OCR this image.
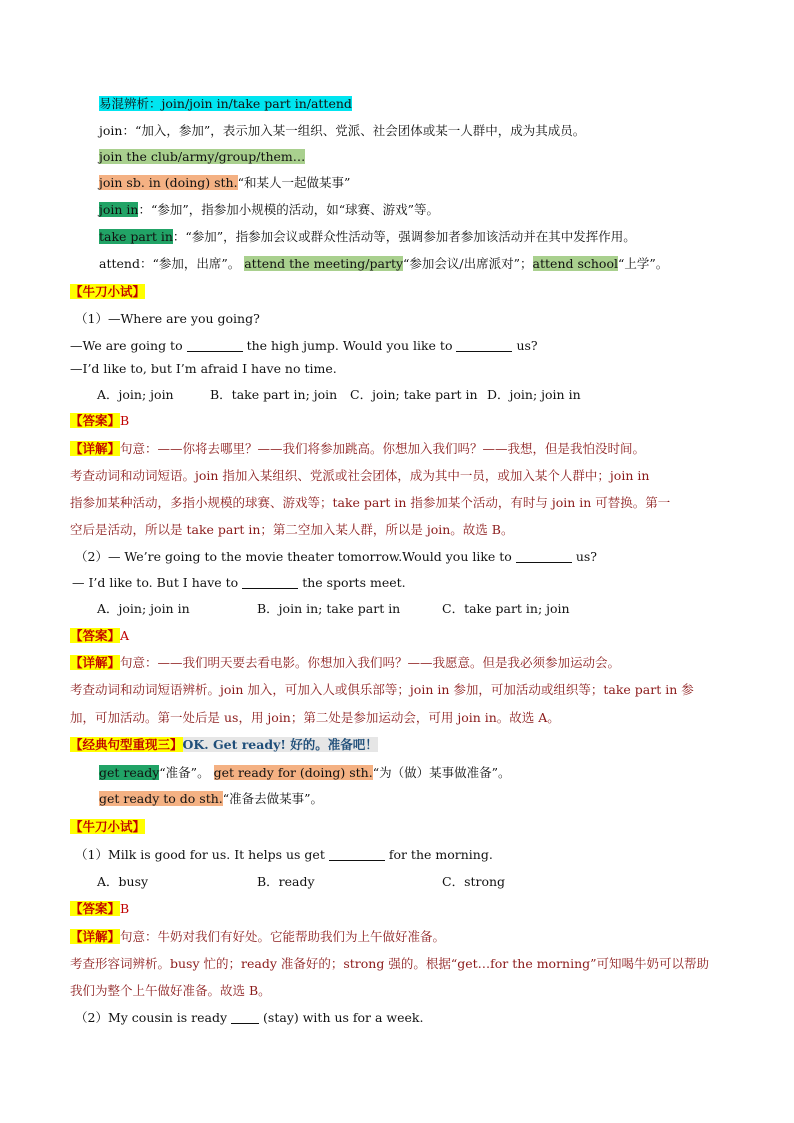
易混辨析：join/join in/take part in/attend
join：“加入，参加”，表示加入某一组织、党派、社会团体或某一人群中，成为其成员。
join the club/army/group/them…
join sb. in (doing) sth.“和某人一起做某事”
join in：“参加”，指参加小规模的活动，如“球赛、游戏”等。
take part in：“参加”，指参加会议或群众性活动等，强调参加者参加该活动并在其中发挥作用。
attend：“参加，出席”。 attend the meeting/party“参加会议/出席派对”；attend school“上学”。
【牛刀小试】
（1）—Where are you going?
—We are going to	the high jump. Would you like to	us?
—I’d like to, but I’m afraid I have no time.
A．join; join	B．take part in; join C．join; take part in D．join; join in
【答案】B
【详解】句意：——你将去哪里？——我们将参加跳高。你想加入我们吗？——我想，但是我怕没时间。
考查动词和动词短语。join 指加入某组织、党派或社会团体，成为其中一员，或加入某个人群中；join in
指参加某种活动，多指小规模的球赛、游戏等；take part in 指参加某个活动，有时与 join in 可替换。第一
空后是活动，所以是 take part in；第二空加入某人群，所以是 join。故选 B。
（2）— We’re going to the movie theater tomorrow.Would you like to	us?
— I’d like to. But I have to	the sports meet.
A．join; join in	B．join in; take part in	C．take part in; join
【答案】A
【详解】句意：——我们明天要去看电影。你想加入我们吗？——我愿意。但是我必须参加运动会。
考查动词和动词短语辨析。join 加入，可加入人或俱乐部等；join in 参加，可加活动或组织等；take part in 参
加，可加活动。第一处后是 us，用 join；第二处是参加运动会，可用 join in。故选 A。
【经典句型重现三】OK. Get ready! 好的。准备吧！
get ready“准备”。 get ready for (doing) sth.“为（做）某事做准备”。
get ready to do sth.“准备去做某事”。
【牛刀小试】
（1）Milk is good for us. It helps us get	for the morning.
A．busy	B．ready	C．strong
【答案】B
【详解】句意：牛奶对我们有好处。它能帮助我们为上午做好准备。
考查形容词辨析。busy 忙的；ready 准备好的；strong 强的。根据“get…for the morning”可知喝牛奶可以帮助
我们为整个上午做好准备。故选 B。
（2）My cousin is ready	(stay) with us for a week.
